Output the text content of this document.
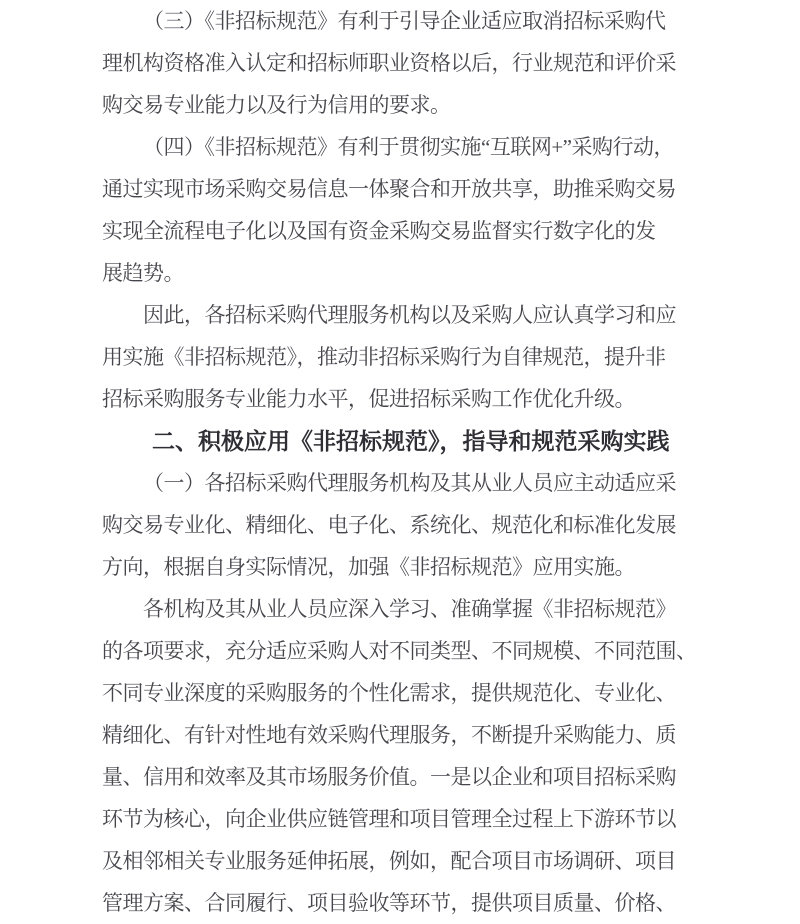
（三）《非招标规范》有利于引导企业适应取消招标采购代
理机构资格准入认定和招标师职业资格以后，行业规范和评价采
购交易专业能力以及行为信用的要求。
（四）《非招标规范》有利于贯彻实施“互联网+”采购行动，
通过实现市场采购交易信息一体聚合和开放共享，助推采购交易
实现全流程电子化以及国有资金采购交易监督实行数字化的发
展趋势。
因此，各招标采购代理服务机构以及采购人应认真学习和应
用实施《非招标规范》，推动非招标采购行为自律规范，提升非
招标采购服务专业能力水平，促进招标采购工作优化升级。
二、积极应用《非招标规范》，指导和规范采购实践
（一）各招标采购代理服务机构及其从业人员应主动适应采
购交易专业化、精细化、电子化、系统化、规范化和标准化发展
方向，根据自身实际情况，加强《非招标规范》应用实施。
各机构及其从业人员应深入学习、准确掌握《非招标规范》
的各项要求，充分适应采购人对不同类型、不同规模、不同范围、
不同专业深度的采购服务的个性化需求，提供规范化、专业化、
精细化、有针对性地有效采购代理服务，不断提升采购能力、质
量、信用和效率及其市场服务价值。一是以企业和项目招标采购
环节为核心，向企业供应链管理和项目管理全过程上下游环节以
及相邻相关专业服务延伸拓展，例如，配合项目市场调研、项目
管理方案、合同履行、项目验收等环节，提供项目质量、价格、
